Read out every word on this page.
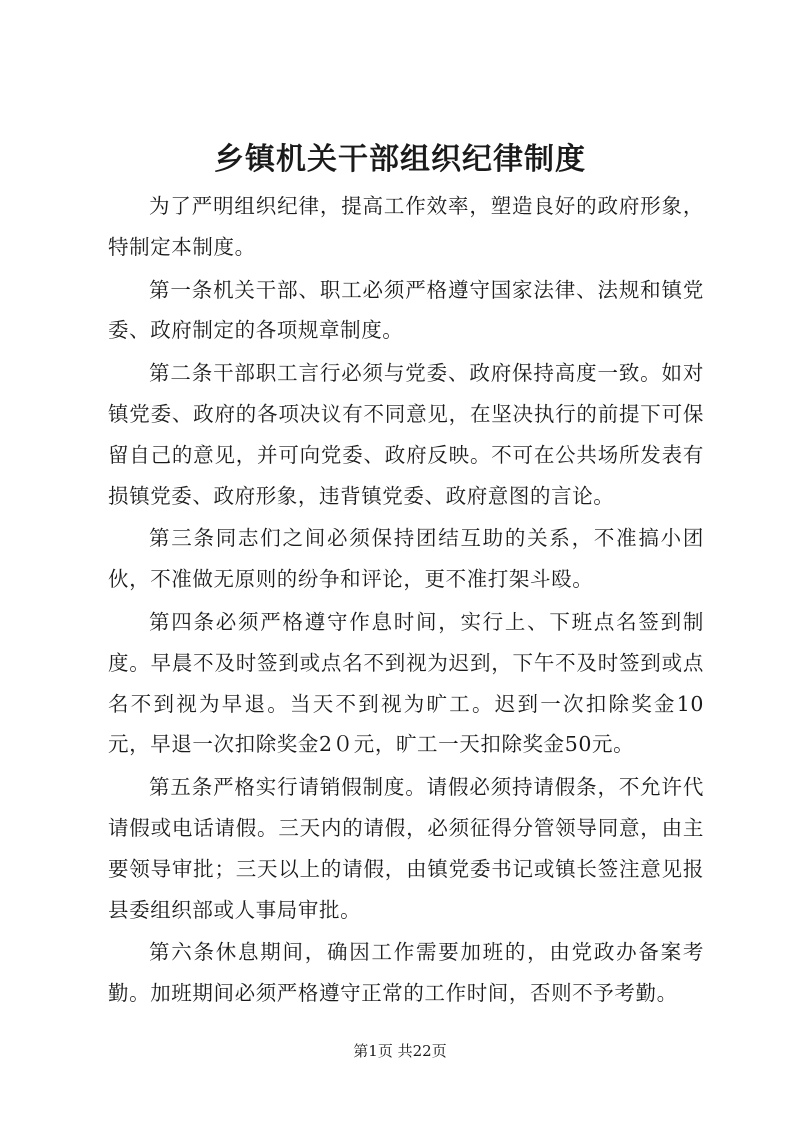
乡镇机关干部组织纪律制度

为了严明组织纪律，提高工作效率，塑造良好的政府形象，特制定本制度。

第一条机关干部、职工必须严格遵守国家法律、法规和镇党委、政府制定的各项规章制度。

第二条干部职工言行必须与党委、政府保持高度一致。如对镇党委、政府的各项决议有不同意见，在坚决执行的前提下可保留自己的意见，并可向党委、政府反映。不可在公共场所发表有损镇党委、政府形象，违背镇党委、政府意图的言论。

第三条同志们之间必须保持团结互助的关系，不准搞小团伙，不准做无原则的纷争和评论，更不准打架斗殴。

第四条必须严格遵守作息时间，实行上、下班点名签到制度。早晨不及时签到或点名不到视为迟到，下午不及时签到或点名不到视为早退。当天不到视为旷工。迟到一次扣除奖金10元，早退一次扣除奖金2０元，旷工一天扣除奖金50元。

第五条严格实行请销假制度。请假必须持请假条，不允许代请假或电话请假。三天内的请假，必须征得分管领导同意，由主要领导审批；三天以上的请假，由镇党委书记或镇长签注意见报县委组织部或人事局审批。

第六条休息期间，确因工作需要加班的，由党政办备案考勤。加班期间必须严格遵守正常的工作时间，否则不予考勤。

第1页 共22页
